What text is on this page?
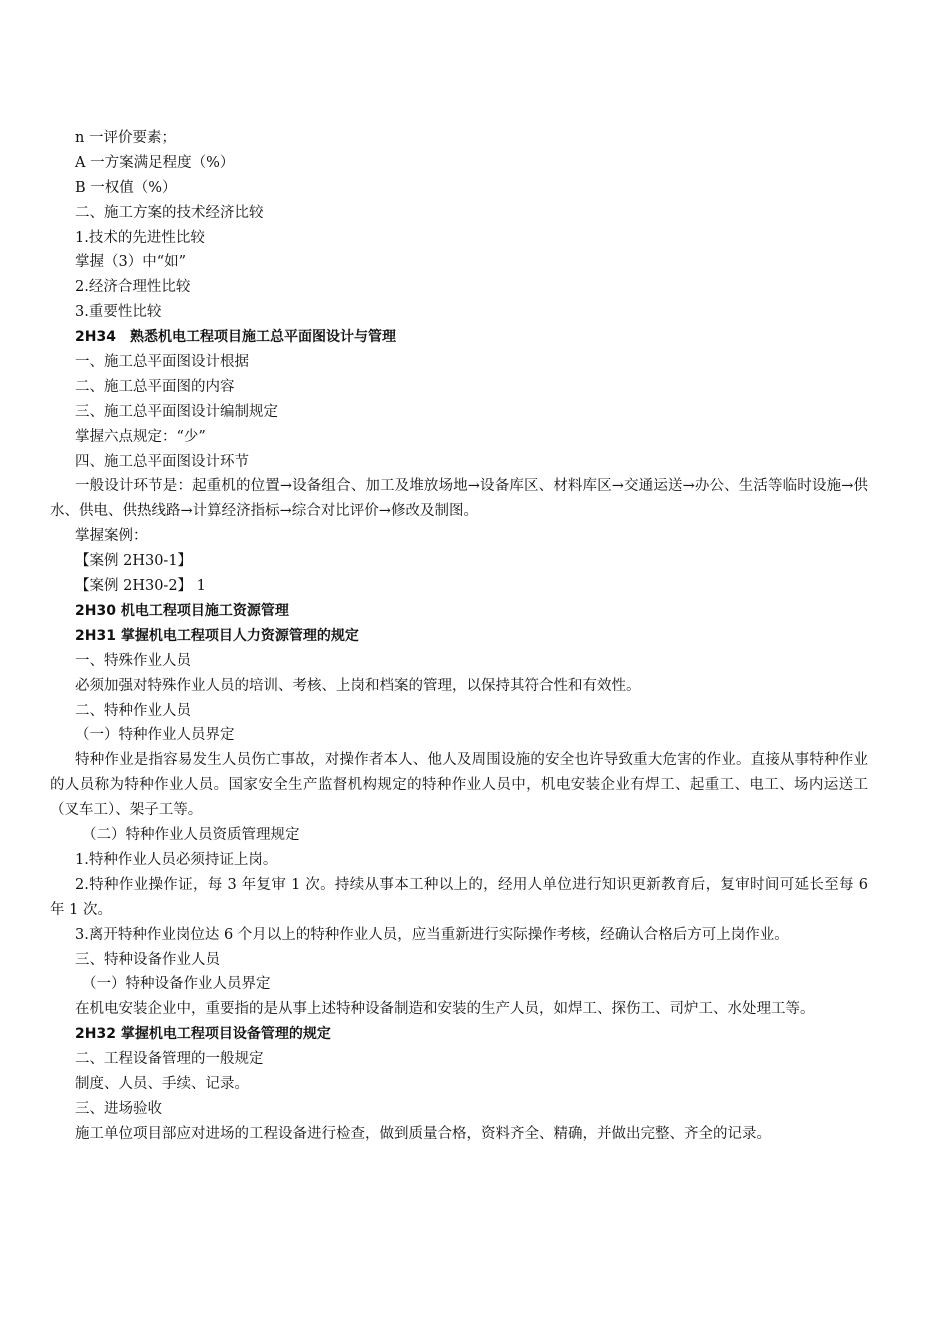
n 一评价要素；
A 一方案满足程度（%）
B 一权值（%）
二、施工方案的技术经济比较
1.技术的先进性比较
掌握（3）中“如”
2.经济合理性比较
3.重要性比较
2H34　熟悉机电工程项目施工总平面图设计与管理
一、施工总平面图设计根据
二、施工总平面图的内容
三、施工总平面图设计编制规定
掌握六点规定：“少”
四、施工总平面图设计环节
一般设计环节是：起重机的位置→设备组合、加工及堆放场地→设备库区、材料库区→交通运送→办公、生活等临时设施→供水、供电、供热线路→计算经济指标→综合对比评价→修改及制图。
掌握案例：
【案例 2H30-1】
【案例 2H30-2】 1
2H30 机电工程项目施工资源管理
2H31 掌握机电工程项目人力资源管理的规定
一、特殊作业人员
必须加强对特殊作业人员的培训、考核、上岗和档案的管理，以保持其符合性和有效性。
二、特种作业人员
（一）特种作业人员界定
特种作业是指容易发生人员伤亡事故，对操作者本人、他人及周围设施的安全也许导致重大危害的作业。直接从事特种作业的人员称为特种作业人员。国家安全生产监督机构规定的特种作业人员中，机电安装企业有焊工、起重工、电工、场内运送工（叉车工）、架子工等。
（二）特种作业人员资质管理规定
1.特种作业人员必须持证上岗。
2.特种作业操作证，每 3 年复审 1 次。持续从事本工种以上的，经用人单位进行知识更新教育后，复审时间可延长至每 6 年 1 次。
3.离开特种作业岗位达 6 个月以上的特种作业人员，应当重新进行实际操作考核，经确认合格后方可上岗作业。
三、特种设备作业人员
（一）特种设备作业人员界定
在机电安装企业中，重要指的是从事上述特种设备制造和安装的生产人员，如焊工、探伤工、司炉工、水处理工等。
2H32 掌握机电工程项目设备管理的规定
二、工程设备管理的一般规定
制度、人员、手续、记录。
三、进场验收
施工单位项目部应对进场的工程设备进行检查，做到质量合格，资料齐全、精确，并做出完整、齐全的记录。
